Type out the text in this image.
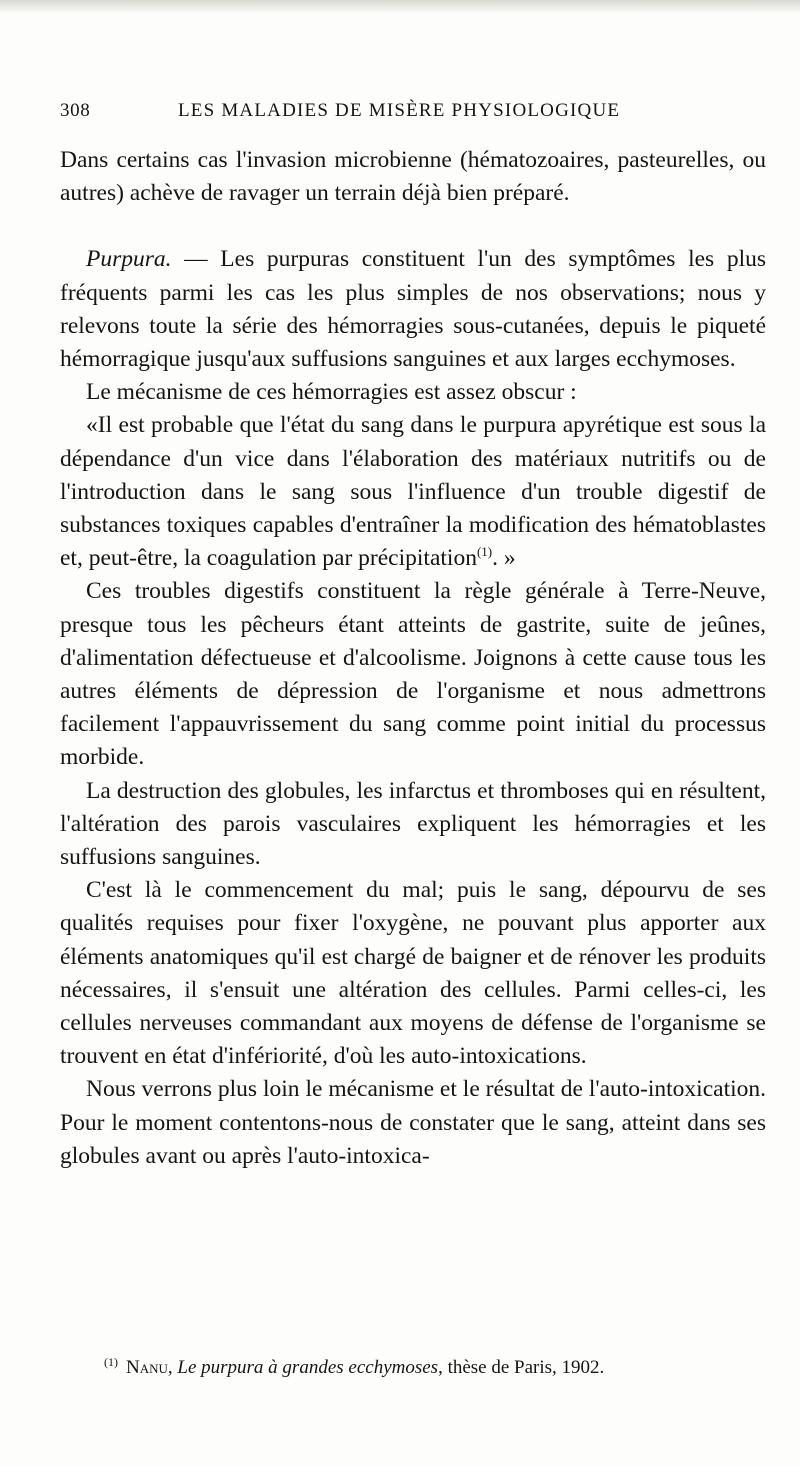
308	LES MALADIES DE MISÈRE PHYSIOLOGIQUE

Dans certains cas l'invasion microbienne (hématozoaires, pasteurelles, ou autres) achève de ravager un terrain déjà bien préparé.

Purpura. — Les purpuras constituent l'un des symptômes les plus fréquents parmi les cas les plus simples de nos observations; nous y relevons toute la série des hémorragies sous-cutanées, depuis le piqueté hémorragique jusqu'aux suffusions sanguines et aux larges ecchymoses.

Le mécanisme de ces hémorragies est assez obscur :

«Il est probable que l'état du sang dans le purpura apyrétique est sous la dépendance d'un vice dans l'élaboration des matériaux nutritifs ou de l'introduction dans le sang sous l'influence d'un trouble digestif de substances toxiques capables d'entraîner la modification des hématoblastes et, peut-être, la coagulation par précipitation$^{(1)}$. »

Ces troubles digestifs constituent la règle générale à Terre-Neuve, presque tous les pêcheurs étant atteints de gastrite, suite de jeûnes, d'alimentation défectueuse et d'alcoolisme. Joignons à cette cause tous les autres éléments de dépression de l'organisme et nous admettrons facilement l'appauvrissement du sang comme point initial du processus morbide.

La destruction des globules, les infarctus et thromboses qui en résultent, l'altération des parois vasculaires expliquent les hémorragies et les suffusions sanguines.

C'est là le commencement du mal; puis le sang, dépourvu de ses qualités requises pour fixer l'oxygène, ne pouvant plus apporter aux éléments anatomiques qu'il est chargé de baigner et de rénover les produits nécessaires, il s'ensuit une altération des cellules. Parmi celles-ci, les cellules nerveuses commandant aux moyens de défense de l'organisme se trouvent en état d'infériorité, d'où les auto-intoxications.

Nous verrons plus loin le mécanisme et le résultat de l'auto-intoxication. Pour le moment contentons-nous de constater que le sang, atteint dans ses globules avant ou après l'auto-intoxica-

$^{(1)}$ Nanu, Le purpura à grandes ecchymoses, thèse de Paris, 1902.
